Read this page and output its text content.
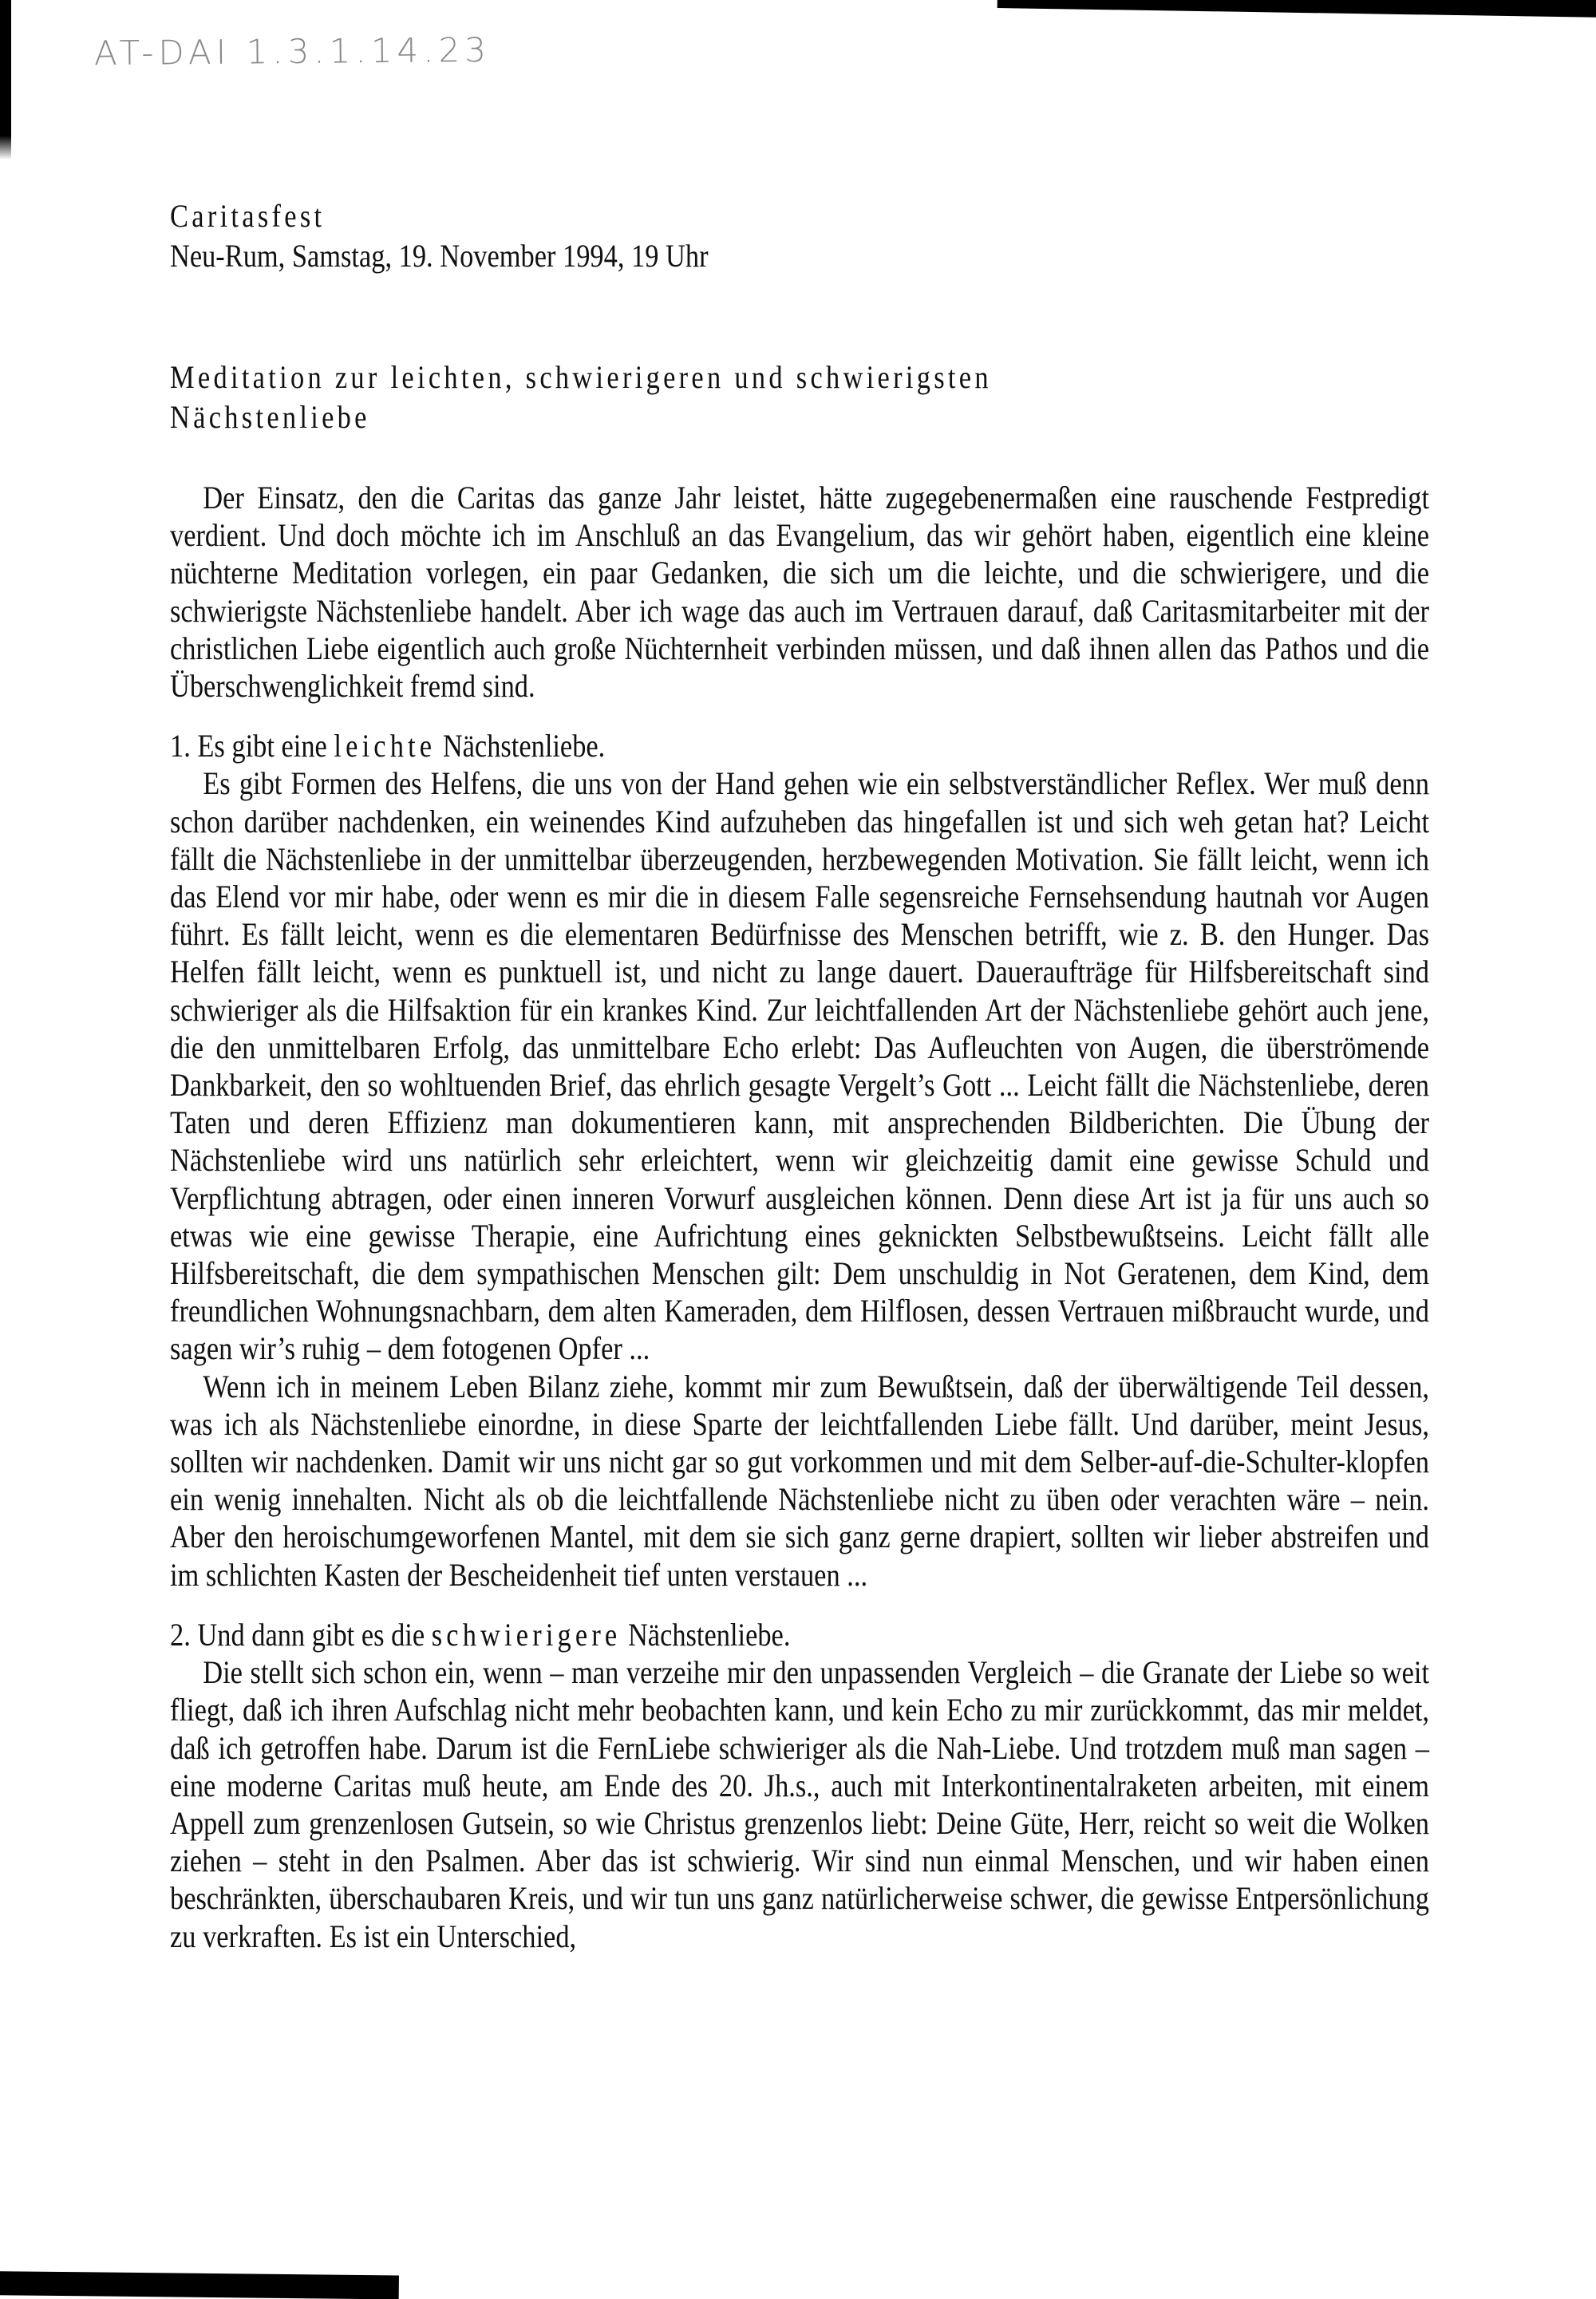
AT-DAI 1.3.1.14.23

Caritasfest

Neu-Rum, Samstag, 19. November 1994, 19 Uhr

Meditation zur leichten, schwierigeren und schwierigsten

Nächstenliebe

Der Einsatz, den die Caritas das ganze Jahr leistet, hätte zugegebenermaßen eine rauschende Festpredigt verdient. Und doch möchte ich im Anschluß an das Evangelium, das wir gehört haben, eigentlich eine kleine nüchterne Meditation vorlegen, ein paar Gedanken, die sich um die leichte, und die schwierigere, und die schwierigste Nächstenliebe handelt. Aber ich wage das auch im Vertrauen darauf, daß Caritasmitarbeiter mit der christlichen Liebe eigentlich auch große Nüchternheit verbinden müssen, und daß ihnen allen das Pathos und die Überschwenglichkeit fremd sind.

1. Es gibt eine leichte Nächstenliebe.

Es gibt Formen des Helfens, die uns von der Hand gehen wie ein selbstverständlicher Reflex. Wer muß denn schon darüber nachdenken, ein weinendes Kind aufzuheben das hingefallen ist und sich weh getan hat? Leicht fällt die Nächstenliebe in der unmittelbar überzeugenden, herzbewegenden Motivation. Sie fällt leicht, wenn ich das Elend vor mir habe, oder wenn es mir die in diesem Falle segensreiche Fernsehsendung hautnah vor Augen führt. Es fällt leicht, wenn es die elementaren Bedürfnisse des Menschen betrifft, wie z. B. den Hunger. Das Helfen fällt leicht, wenn es punktuell ist, und nicht zu lange dauert. Daueraufträge für Hilfsbereitschaft sind schwieriger als die Hilfsaktion für ein krankes Kind. Zur leichtfallenden Art der Nächstenliebe gehört auch jene, die den unmittelbaren Erfolg, das unmittelbare Echo erlebt: Das Aufleuchten von Augen, die überströmende Dankbarkeit, den so wohltuenden Brief, das ehrlich gesagte Vergelt’s Gott ... Leicht fällt die Nächstenliebe, deren Taten und deren Effizienz man dokumentieren kann, mit ansprechenden Bildberichten. Die Übung der Nächstenliebe wird uns natürlich sehr erleichtert, wenn wir gleichzeitig damit eine gewisse Schuld und Verpflichtung abtragen, oder einen inneren Vorwurf ausgleichen können. Denn diese Art ist ja für uns auch so etwas wie eine gewisse Therapie, eine Aufrichtung eines geknickten Selbstbewußtseins. Leicht fällt alle Hilfsbereitschaft, die dem sympathischen Menschen gilt: Dem unschuldig in Not Geratenen, dem Kind, dem freundlichen Wohnungsnachbarn, dem alten Kameraden, dem Hilflosen, dessen Vertrauen mißbraucht wurde, und sagen wir’s ruhig – dem fotogenen Opfer ...

Wenn ich in meinem Leben Bilanz ziehe, kommt mir zum Bewußtsein, daß der überwältigende Teil dessen, was ich als Nächstenliebe einordne, in diese Sparte der leichtfallenden Liebe fällt. Und darüber, meint Jesus, sollten wir nachdenken. Damit wir uns nicht gar so gut vorkommen und mit dem Selber-auf-die-Schulter-klopfen ein wenig innehalten. Nicht als ob die leichtfallende Nächstenliebe nicht zu üben oder verachten wäre – nein. Aber den heroischumgeworfenen Mantel, mit dem sie sich ganz gerne drapiert, sollten wir lieber abstreifen und im schlichten Kasten der Bescheidenheit tief unten verstauen ...

2. Und dann gibt es die schwierigere Nächstenliebe.

Die stellt sich schon ein, wenn – man verzeihe mir den unpassenden Vergleich – die Granate der Liebe so weit fliegt, daß ich ihren Aufschlag nicht mehr beobachten kann, und kein Echo zu mir zurückkommt, das mir meldet, daß ich getroffen habe. Darum ist die FernLiebe schwieriger als die Nah-Liebe. Und trotzdem muß man sagen – eine moderne Caritas muß heute, am Ende des 20. Jh.s., auch mit Interkontinentalraketen arbeiten, mit einem Appell zum grenzenlosen Gutsein, so wie Christus grenzenlos liebt: Deine Güte, Herr, reicht so weit die Wolken ziehen – steht in den Psalmen. Aber das ist schwierig. Wir sind nun einmal Menschen, und wir haben einen beschränkten, überschaubaren Kreis, und wir tun uns ganz natürlicherweise schwer, die gewisse Entpersönlichung zu verkraften. Es ist ein Unterschied,
